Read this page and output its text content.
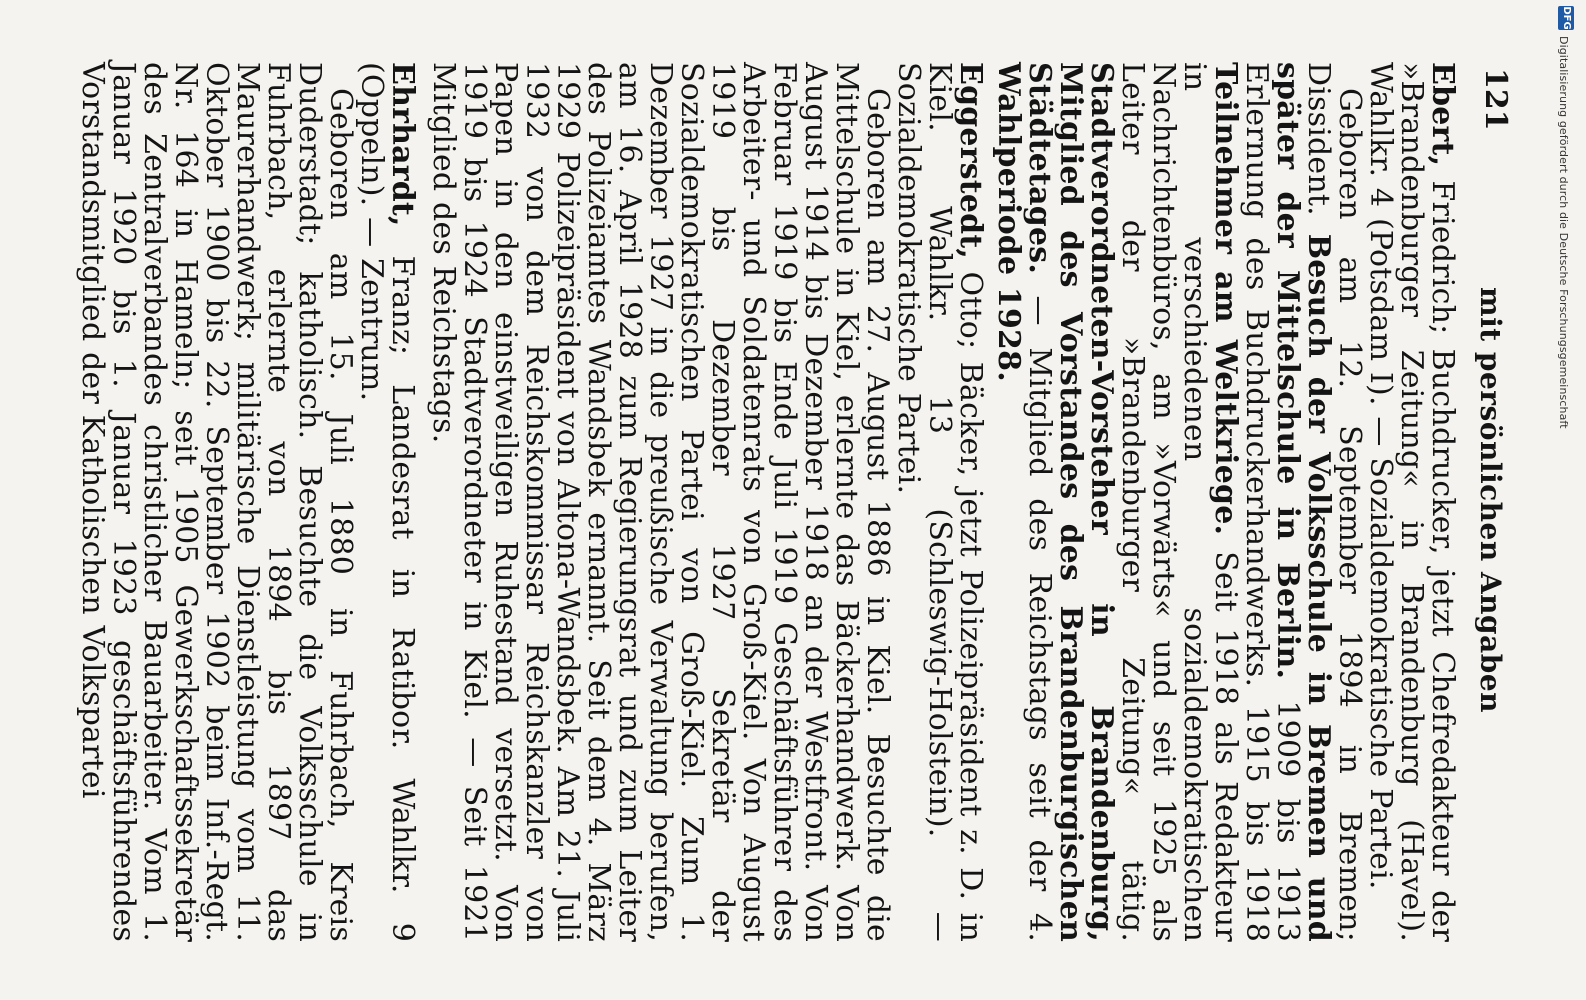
DFG
Digitalisierung gefördert durch die Deutsche Forschungsgemeinschaft
mit persönlichen Angaben
121

Ebert, Friedrich; Buchdrucker, jetzt Chefredakteur der »Brandenburger Zeitung« in Brandenburg (Havel). Wahlkr. 4 (Potsdam I). — Sozialdemokratische Partei.

Geboren am 12. September 1894 in Bremen; Dissident. Besuch der Volksschule in Bremen und später der Mittelschule in Berlin. 1909 bis 1913 Erlernung des Buchdruckerhandwerks. 1915 bis 1918 Teilnehmer am Weltkriege. Seit 1918 als Redakteur in verschiedenen sozialdemokratischen Nachrichtenbüros, am »Vorwärts« und seit 1925 als Leiter der »Brandenburger Zeitung« tätig. Stadtverordneten-Vorsteher in Brandenburg, Mitglied des Vorstandes des Brandenburgischen Städtetages. — Mitglied des Reichstags seit der 4. Wahlperiode 1928.

Eggerstedt, Otto; Bäcker, jetzt Polizeipräsident z. D. in Kiel. Wahlkr. 13 (Schleswig-Holstein). — Sozialdemokratische Partei.

Geboren am 27. August 1886 in Kiel. Besuchte die Mittelschule in Kiel, erlernte das Bäckerhandwerk. Von August 1914 bis Dezember 1918 an der Westfront. Von Februar 1919 bis Ende Juli 1919 Geschäftsführer des Arbeiter- und Soldatenrats von Groß-Kiel. Von August 1919 bis Dezember 1927 Sekretär der Sozialdemokratischen Partei von Groß-Kiel. Zum 1. Dezember 1927 in die preußische Verwaltung berufen, am 16. April 1928 zum Regierungsrat und zum Leiter des Polizeiamtes Wandsbek ernannt. Seit dem 4. März 1929 Polizeipräsident von Altona-Wandsbek. Am 21. Juli 1932 von dem Reichskommissar Reichskanzler von Papen in den einstweiligen Ruhestand versetzt. Von 1919 bis 1924 Stadtverordneter in Kiel. — Seit 1921 Mitglied des Reichstags.

Ehrhardt, Franz; Landesrat in Ratibor. Wahlkr. 9 (Oppeln). — Zentrum.

Geboren am 15. Juli 1880 in Fuhrbach, Kreis Duderstadt; katholisch. Besuchte die Volksschule in Fuhrbach, erlernte von 1894 bis 1897 das Maurerhandwerk; militärische Dienstleistung vom 11. Oktober 1900 bis 22. September 1902 beim Inf.-Regt. Nr. 164 in Hameln; seit 1905 Gewerkschaftssekretär des Zentralverbandes christlicher Bauarbeiter. Vom 1. Januar 1920 bis 1. Januar 1923 geschäftsführendes Vorstandsmitglied der Katholischen Volkspartei
